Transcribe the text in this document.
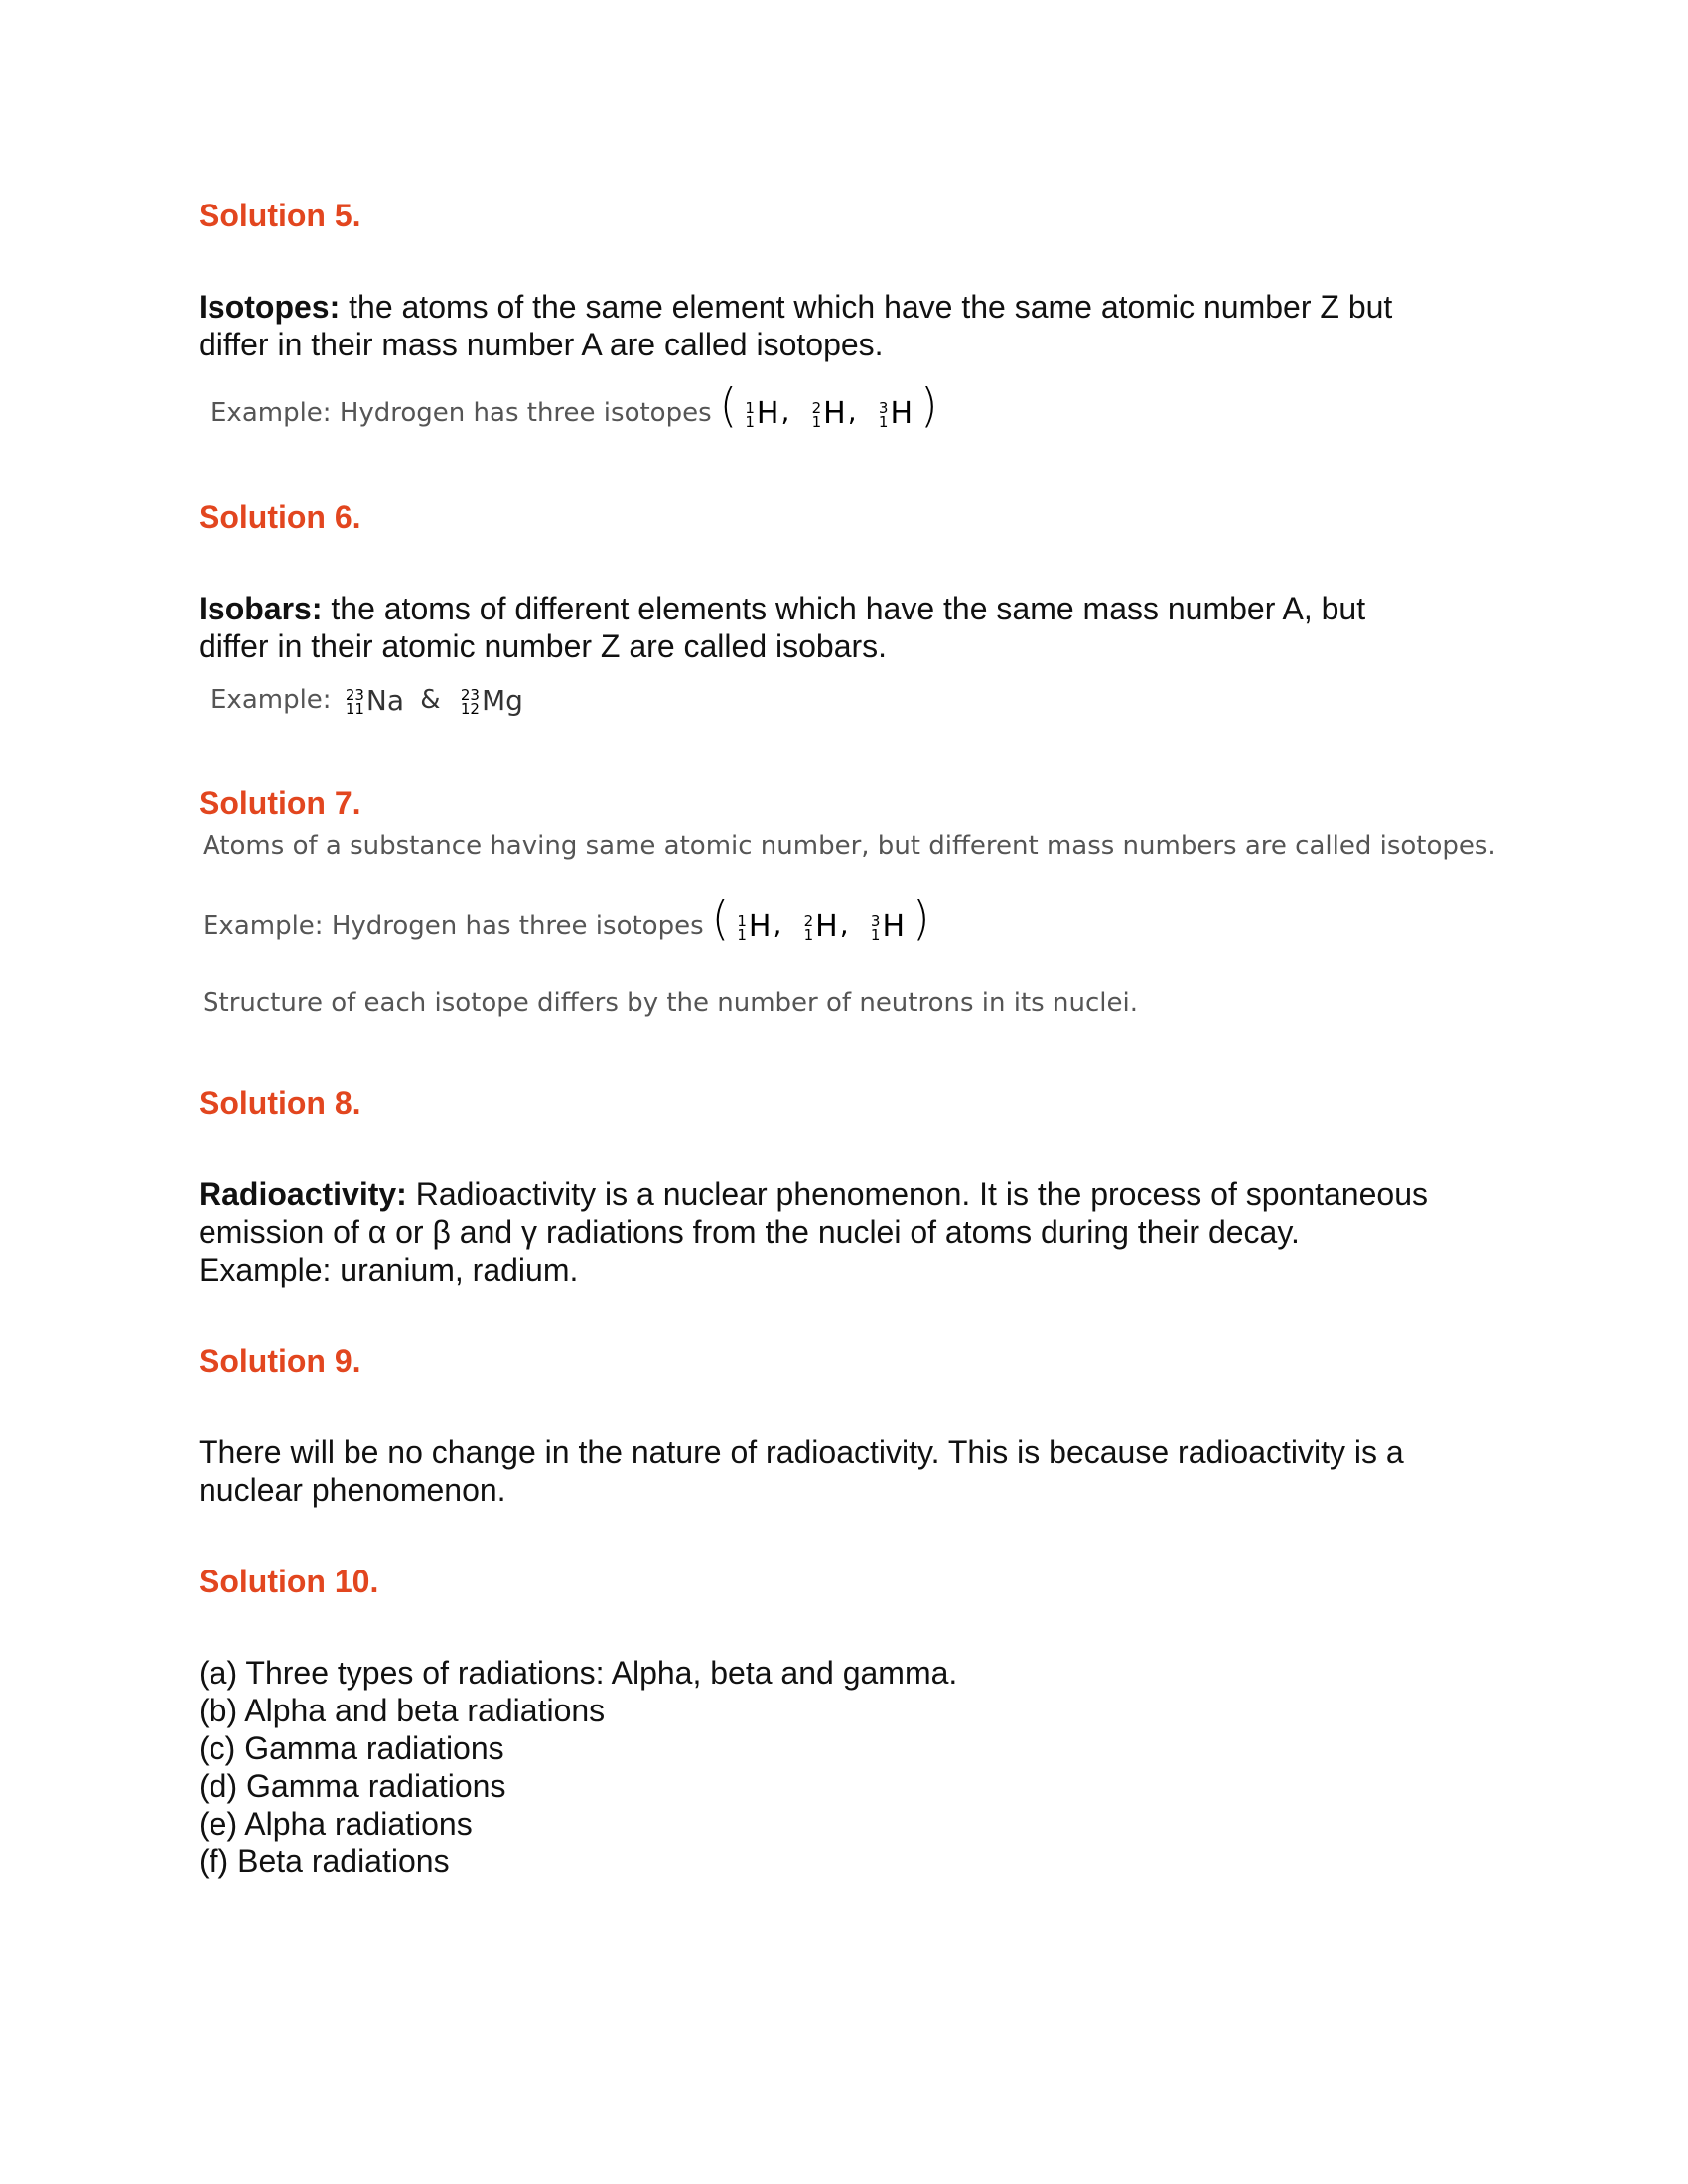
Solution 5.
Isotopes: the atoms of the same element which have the same atomic number Z but
differ in their mass number A are called isotopes.
Example: Hydrogen has three isotopes ( 1
1 H , 2
1 H , 3
1 H )
Solution 6.
Isobars: the atoms of different elements which have the same mass number A, but
differ in their atomic number Z are called isobars.
Example: 23
11 Na & 23
12 Mg
Solution 7.
Atoms of a substance having same atomic number, but different mass numbers are called isotopes.
Example: Hydrogen has three isotopes ( 1
1 H , 2
1 H , 3
1 H )
Structure of each isotope differs by the number of neutrons in its nuclei.
Solution 8.
Radioactivity: Radioactivity is a nuclear phenomenon. It is the process of spontaneous
emission of α or β and γ radiations from the nuclei of atoms during their decay.
Example: uranium, radium.
Solution 9.
There will be no change in the nature of radioactivity. This is because radioactivity is a
nuclear phenomenon.
Solution 10.
(a) Three types of radiations: Alpha, beta and gamma.
(b) Alpha and beta radiations
(c) Gamma radiations
(d) Gamma radiations
(e) Alpha radiations
(f) Beta radiations
